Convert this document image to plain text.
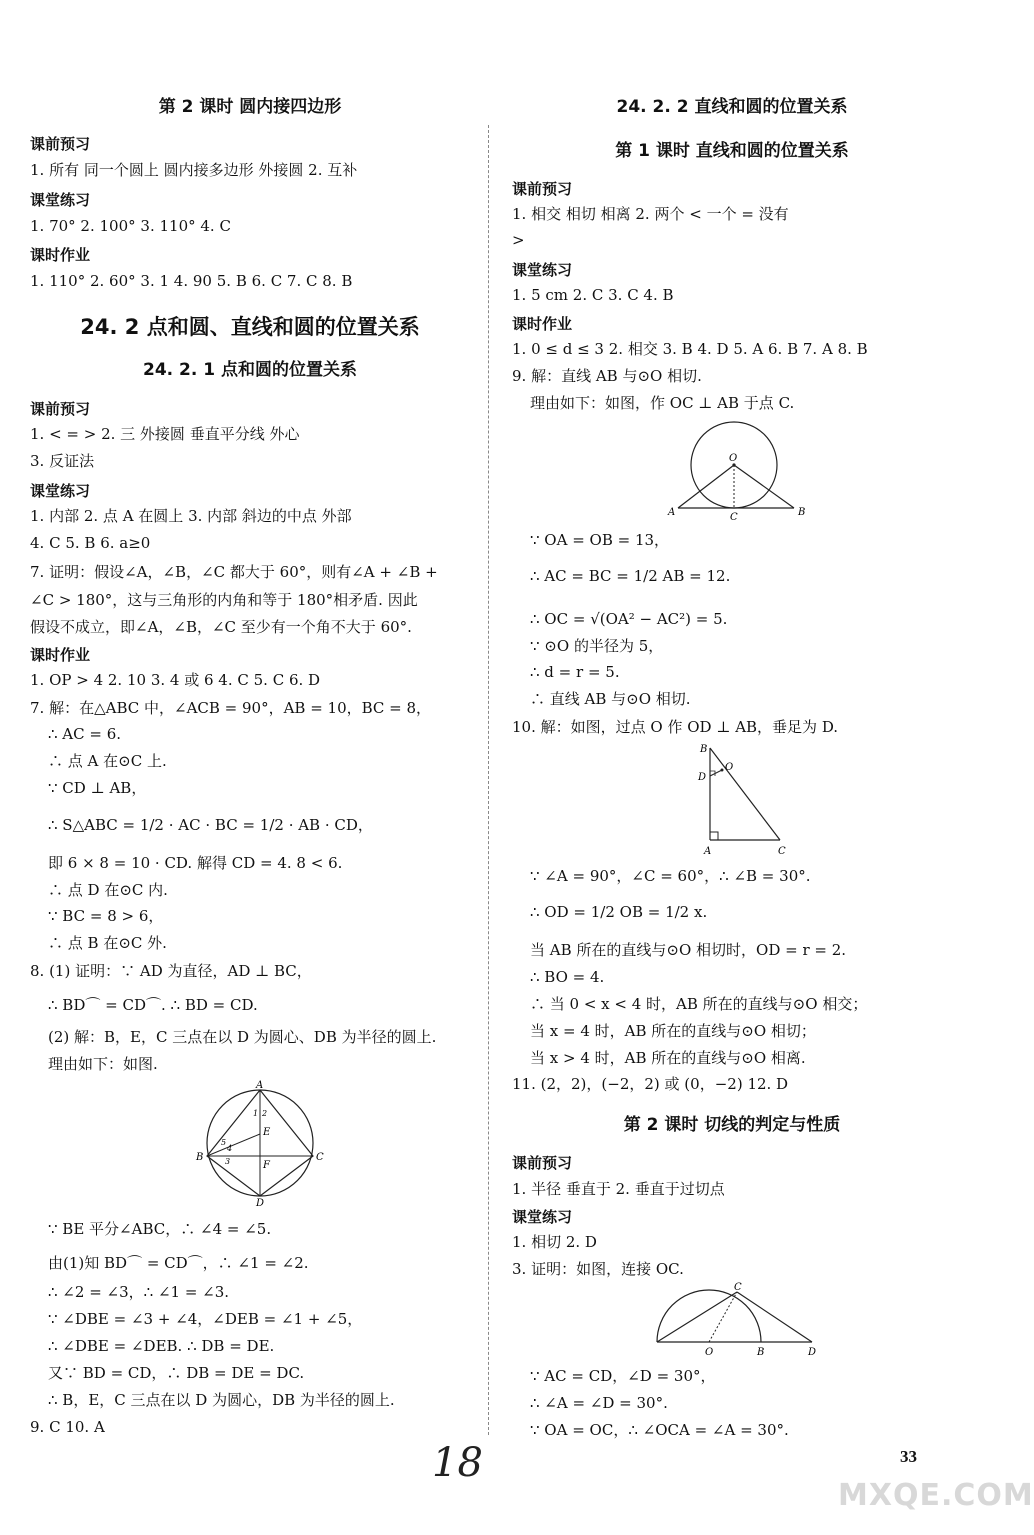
第 2 课时 圆内接四边形
课前预习
1. 所有 同一个圆上 圆内接多边形 外接圆 2. 互补
课堂练习
1. 70° 2. 100° 3. 110° 4. C
课时作业
1. 110° 2. 60° 3. 1 4. 90 5. B 6. C 7. C 8. B
24. 2 点和圆、直线和圆的位置关系
24. 2. 1 点和圆的位置关系
课前预习
1. < = > 2. 三 外接圆 垂直平分线 外心
3. 反证法
课堂练习
1. 内部 2. 点 A 在圆上 3. 内部 斜边的中点 外部
4. C 5. B 6. a≥0
7. 证明：假设∠A，∠B，∠C 都大于 60°，则有∠A + ∠B +
∠C > 180°，这与三角形的内角和等于 180°相矛盾. 因此
假设不成立，即∠A，∠B，∠C 至少有一个角不大于 60°.
课时作业
1. OP > 4 2. 10 3. 4 或 6 4. C 5. C 6. D
7. 解：在△ABC 中，∠ACB = 90°，AB = 10，BC = 8，
∴ AC = 6.
∴ 点 A 在⊙C 上.
∵ CD ⊥ AB，
∴ S△ABC = 1/2 · AC · BC = 1/2 · AB · CD，
即 6 × 8 = 10 · CD. 解得 CD = 4. 8 < 6.
∴ 点 D 在⊙C 内.
∵ BC = 8 > 6，
∴ 点 B 在⊙C 外.
8. (1) 证明：∵ AD 为直径，AD ⊥ BC，
∴ BD⌒ = CD⌒. ∴ BD = CD.
(2) 解：B，E，C 三点在以 D 为圆心、DB 为半径的圆上.
理由如下：如图.
A
B	C
D
E
F
1 2
3
4
5
∵ BE 平分∠ABC，∴ ∠4 = ∠5.
由(1)知 BD⌒ = CD⌒，∴ ∠1 = ∠2.
∴ ∠2 = ∠3，∴ ∠1 = ∠3.
∵ ∠DBE = ∠3 + ∠4，∠DEB = ∠1 + ∠5，
∴ ∠DBE = ∠DEB. ∴ DB = DE.
又∵ BD = CD，∴ DB = DE = DC.
∴ B，E，C 三点在以 D 为圆心，DB 为半径的圆上.
9. C 10. A
24. 2. 2 直线和圆的位置关系
第 1 课时 直线和圆的位置关系
课前预习
1. 相交 相切 相离 2. 两个 < 一个 = 没有
>
课堂练习
1. 5 cm 2. C 3. C 4. B
课时作业
1. 0 ≤ d ≤ 3 2. 相交 3. B 4. D 5. A 6. B 7. A 8. B
9. 解：直线 AB 与⊙O 相切.
理由如下：如图，作 OC ⊥ AB 于点 C.
O
A	C	B
∵ OA = OB = 13，
∴ AC = BC = 1/2 AB = 12.
∴ OC = √(OA² − AC²) = 5.
∵ ⊙O 的半径为 5，
∴ d = r = 5.
∴ 直线 AB 与⊙O 相切.
10. 解：如图，过点 O 作 OD ⊥ AB，垂足为 D.
B
D
O
A	C
∵ ∠A = 90°，∠C = 60°，∴ ∠B = 30°.
∴ OD = 1/2 OB = 1/2 x.
当 AB 所在的直线与⊙O 相切时，OD = r = 2.
∴ BO = 4.
∴ 当 0 < x < 4 时，AB 所在的直线与⊙O 相交；
当 x = 4 时，AB 所在的直线与⊙O 相切；
当 x > 4 时，AB 所在的直线与⊙O 相离.
11. (2，2)，(−2，2) 或 (0，−2) 12. D
第 2 课时 切线的判定与性质
课前预习
1. 半径 垂直于 2. 垂直于过切点
课堂练习
1. 相切 2. D
3. 证明：如图，连接 OC.
C
O	B	D
∵ AC = CD，∠D = 30°，
∴ ∠A = ∠D = 30°.
∵ OA = OC，∴ ∠OCA = ∠A = 30°.
18	33
MXQE.COM
